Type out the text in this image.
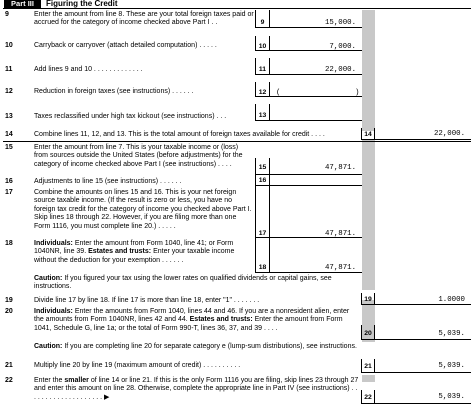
Part III	Figuring the Credit
9	Enter the amount from line 8. These are your total foreign taxes paid or accrued for the category of income checked above Part I . .	9	15,000.
10	Carryback or carryover (attach detailed computation) . . . . .	10	7,000.
11	Add lines 9 and 10 . . . . . . . . . . . . .	11	22,000.
12	Reduction in foreign taxes (see instructions) . . . . . .	12	(	)
13	Taxes reclassified under high tax kickout (see instructions) . . .	13
14	Combine lines 11, 12, and 13. This is the total amount of foreign taxes available for credit . . . .	14	22,000.
15	Enter the amount from line 7. This is your taxable income or (loss) from sources outside the United States (before adjustments) for the category of income checked above Part I (see instructions) . . . .	15	47,871.
16	Adjustments to line 15 (see instructions) . . . . . .	16
17	Combine the amounts on lines 15 and 16. This is your net foreign source taxable income. (If the result is zero or less, you have no foreign tax credit for the category of income you checked above Part I. Skip lines 18 through 22. However, if you are filing more than one Form 1116, you must complete line 20.) . . . . .
17	47,871.
18	Individuals: Enter the amount from Form 1040, line 41; or Form 1040NR, line 39. Estates and trusts: Enter your taxable income without the deduction for your exemption . . . . . .
18	47,871.
Caution: If you figured your tax using the lower rates on qualified dividends or capital gains, see instructions.
19	Divide line 17 by line 18. If line 17 is more than line 18, enter "1" . . . . . . .	19	1.0000
20	Individuals: Enter the amounts from Form 1040, lines 44 and 46. If you are a nonresident alien, enter the amounts from Form 1040NR, lines 42 and 44. Estates and trusts: Enter the amount from Form 1041, Schedule G, line 1a; or the total of Form 990-T, lines 36, 37, and 39 . . . .
20	5,039.
Caution: If you are completing line 20 for separate category e (lump-sum distributions), see instructions.
21	Multiply line 20 by line 19 (maximum amount of credit) . . . . . . . . . .	21	5,039.
22	Enter the smaller of line 14 or line 21. If this is the only Form 1116 you are filing, skip lines 23 through 27 and enter this amount on line 28. Otherwise, complete the appropriate line in Part IV (see instructions) . . . . . . . . . . . . . . . . . . . . ▶	22	5,039.
